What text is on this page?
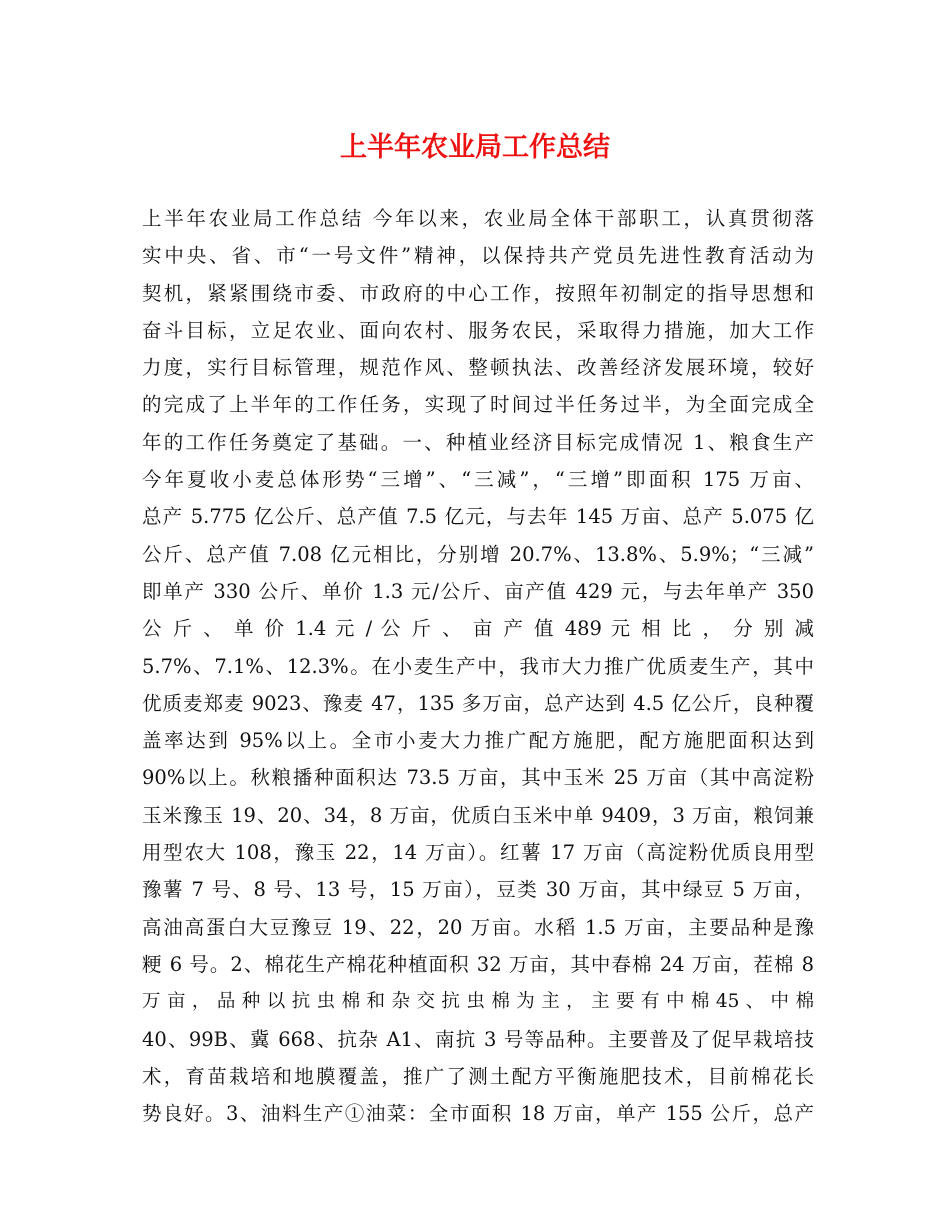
上半年农业局工作总结
上半年农业局工作总结 今年以来，农业局全体干部职工，认真贯彻落
实中央、省、市“一号文件”精神，以保持共产党员先进性教育活动为
契机，紧紧围绕市委、市政府的中心工作，按照年初制定的指导思想和
奋斗目标，立足农业、面向农村、服务农民，采取得力措施，加大工作
力度，实行目标管理，规范作风、整顿执法、改善经济发展环境，较好
的完成了上半年的工作任务，实现了时间过半任务过半，为全面完成全
年的工作任务奠定了基础。一、种植业经济目标完成情况 1、粮食生产
今年夏收小麦总体形势“三增”、“三减”，“三增”即面积 175 万亩、
总产 5.775 亿公斤、总产值 7.5 亿元，与去年 145 万亩、总产 5.075 亿
公斤、总产值 7.08 亿元相比，分别增 20.7%、13.8%、5.9%；“三减”
即单产 330 公斤、单价 1.3 元/公斤、亩产值 429 元，与去年单产 350
公 斤 、 单 价 1.4 元 / 公 斤 、 亩 产 值 489 元 相 比 ， 分 别 减
5.7%、7.1%、12.3%。在小麦生产中，我市大力推广优质麦生产，其中
优质麦郑麦 9023、豫麦 47，135 多万亩，总产达到 4.5 亿公斤，良种覆
盖率达到 95%以上。全市小麦大力推广配方施肥，配方施肥面积达到
90%以上。秋粮播种面积达 73.5 万亩，其中玉米 25 万亩（其中高淀粉
玉米豫玉 19、20、34，8 万亩，优质白玉米中单 9409，3 万亩，粮饲兼
用型农大 108，豫玉 22，14 万亩）。红薯 17 万亩（高淀粉优质良用型
豫薯 7 号、8 号、13 号，15 万亩），豆类 30 万亩，其中绿豆 5 万亩，
高油高蛋白大豆豫豆 19、22，20 万亩。水稻 1.5 万亩，主要品种是豫
粳 6 号。2、棉花生产棉花种植面积 32 万亩，其中春棉 24 万亩，茬棉 8
万 亩 ， 品 种 以 抗 虫 棉 和 杂 交 抗 虫 棉 为 主 ， 主 要 有 中 棉 45 、 中 棉
40、99B、冀 668、抗杂 A1、南抗 3 号等品种。主要普及了促早栽培技
术，育苗栽培和地膜覆盖，推广了测土配方平衡施肥技术，目前棉花长
势良好。3、油料生产①油菜：全市面积 18 万亩，单产 155 公斤，总产
